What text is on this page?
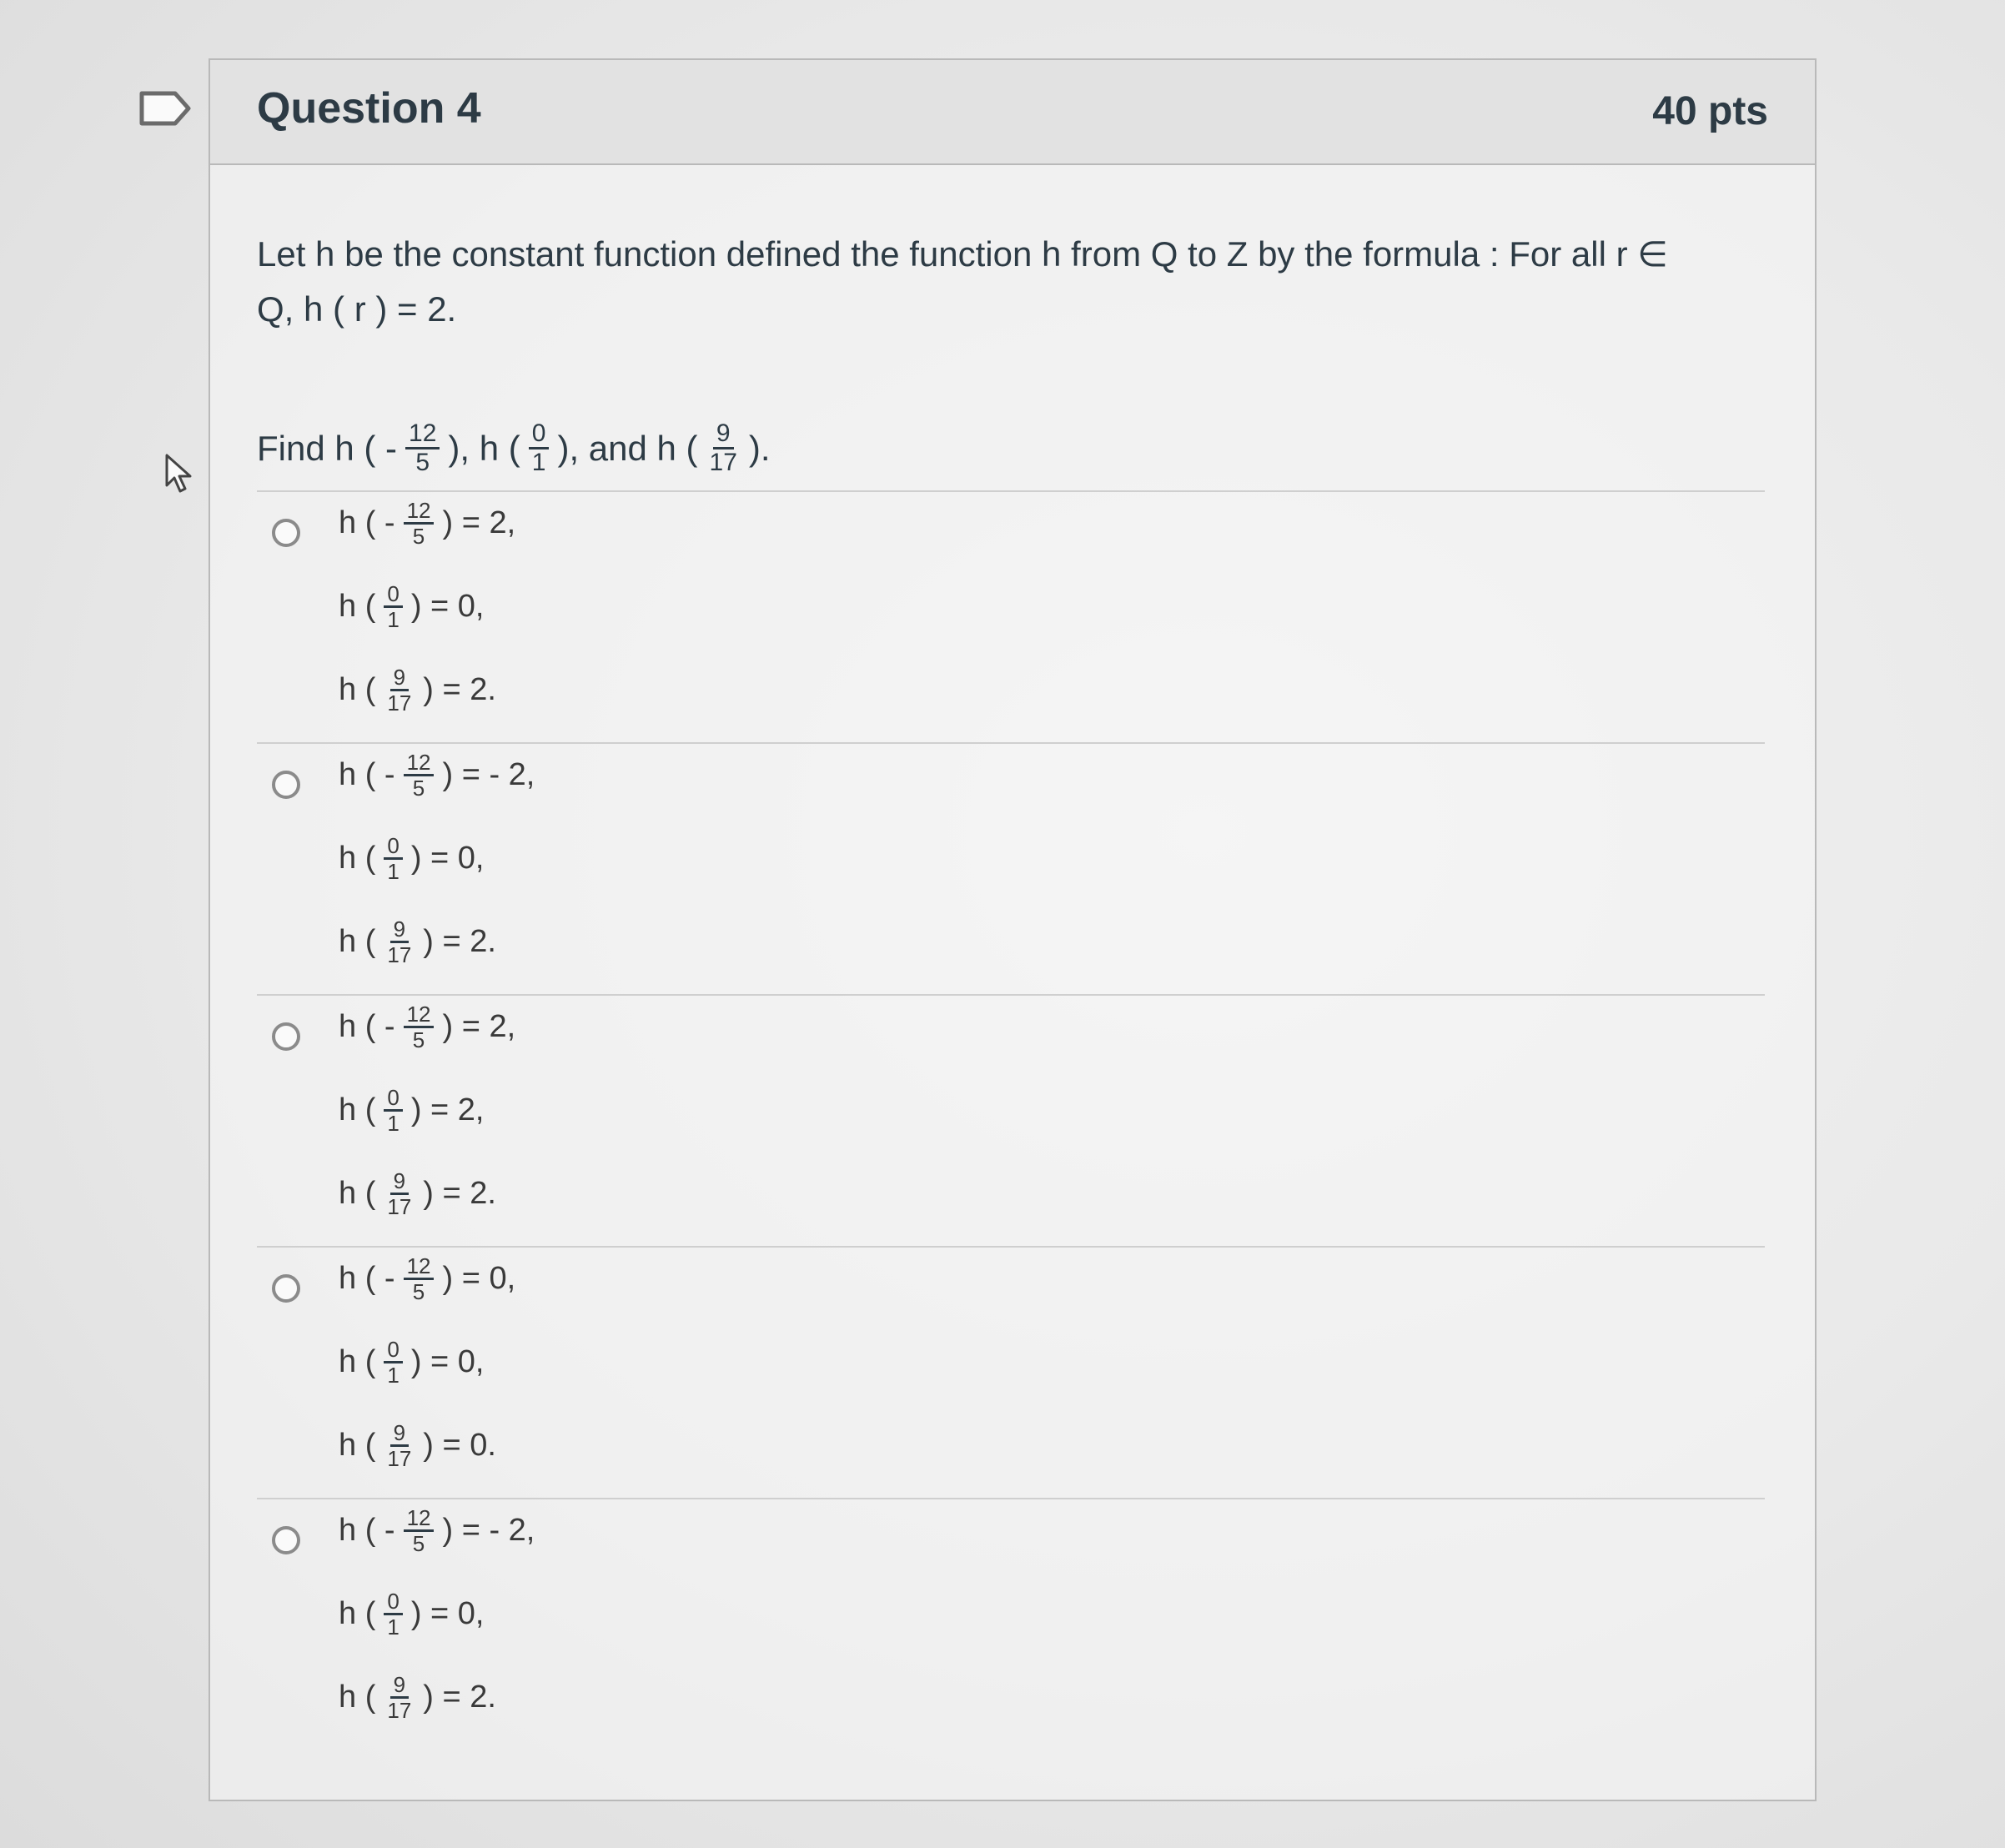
Question 4	40 pts
Let h be the constant function defined the function h from Q to Z by the formula : For all r ∈
Q, h ( r ) = 2.
Find h ( - $\frac{12}{5}$ ), h ( $\frac{0}{1}$ ), and h ( $\frac{9}{17}$ ).
h ( - $\frac{12}{5}$ ) = 2,
h ( $\frac{0}{1}$ ) = 0,
h ( $\frac{9}{17}$ ) = 2.
h ( - $\frac{12}{5}$ ) = - 2,
h ( $\frac{0}{1}$ ) = 0,
h ( $\frac{9}{17}$ ) = 2.
h ( - $\frac{12}{5}$ ) = 2,
h ( $\frac{0}{1}$ ) = 2,
h ( $\frac{9}{17}$ ) = 2.
h ( - $\frac{12}{5}$ ) = 0,
h ( $\frac{0}{1}$ ) = 0,
h ( $\frac{9}{17}$ ) = 0.
h ( - $\frac{12}{5}$ ) = - 2,
h ( $\frac{0}{1}$ ) = 0,
h ( $\frac{9}{17}$ ) = 2.
